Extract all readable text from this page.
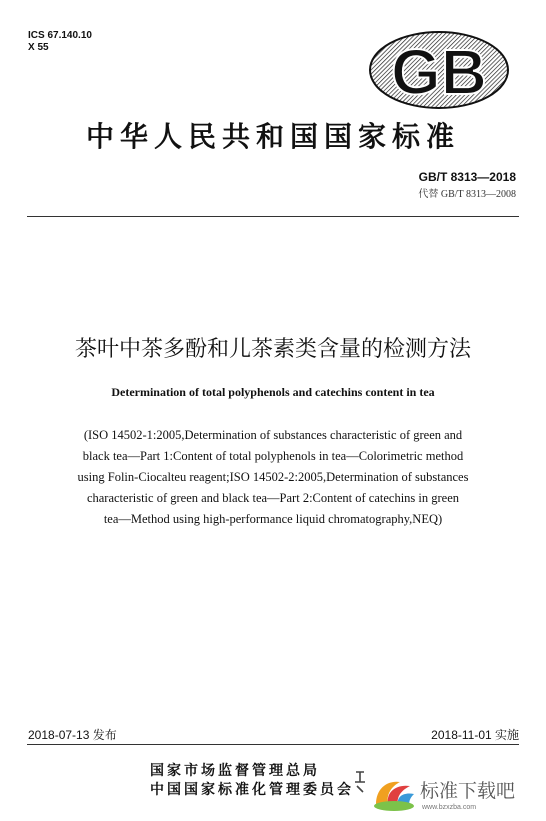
ICS 67.140.10
X 55	GB
中华人民共和国国家标准
GB/T 8313—2018
代替 GB/T 8313—2008
茶叶中茶多酚和儿茶素类含量的检测方法
Determination of total polyphenols and catechins content in tea
(ISO 14502-1:2005,Determination of substances characteristic of green and
black tea—Part 1:Content of total polyphenols in tea—Colorimetric method
using Folin-Ciocalteu reagent;ISO 14502-2:2005,Determination of substances
characteristic of green and black tea—Part 2:Content of catechins in green
tea—Method using high-performance liquid chromatography,NEQ)
2018-07-13 发布	2018-11-01 实施
国家市场监督管理总局
中国国家标准化管理委员会	标准下载吧
www.bzxzba.com
